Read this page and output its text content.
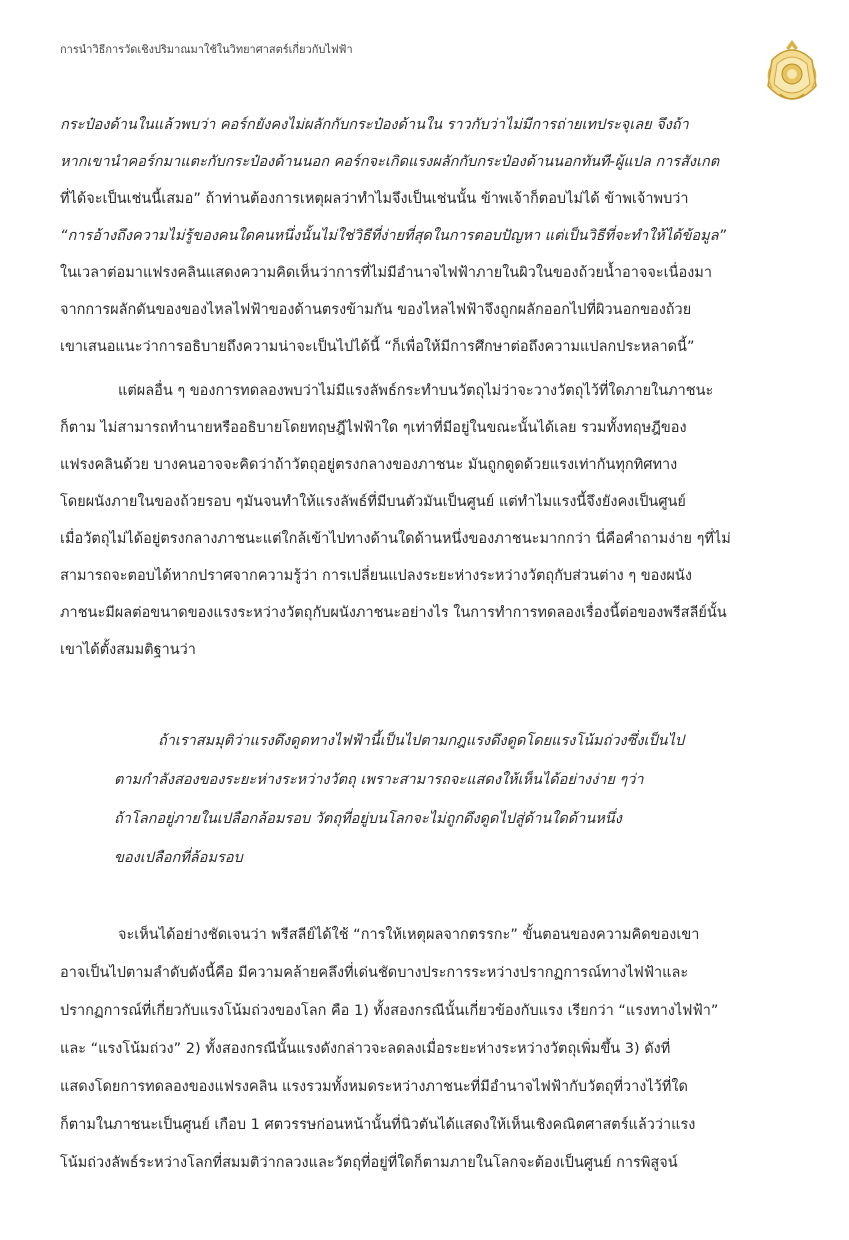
การนำวิธีการวัดเชิงปริมาณมาใช้ในวิทยาศาสตร์เกี่ยวกับไฟฟ้า
กระป๋องด้านในแล้วพบว่า คอร์กยังคงไม่ผลักกับกระป๋องด้านใน ราวกับว่าไม่มีการถ่ายเทประจุเลย จึงถ้า
หากเขานำคอร์กมาแตะกับกระป๋องด้านนอก คอร์กจะเกิดแรงผลักกับกระป๋องด้านนอกทันที-ผู้แปล การสังเกต
ที่ได้จะเป็นเช่นนี้เสมอ” ถ้าท่านต้องการเหตุผลว่าทำไมจึงเป็นเช่นนั้น ข้าพเจ้าก็ตอบไม่ได้ ข้าพเจ้าพบว่า
“การอ้างถึงความไม่รู้ของคนใดคนหนึ่งนั้นไม่ใช่วิธีที่ง่ายที่สุดในการตอบปัญหา แต่เป็นวิธีที่จะทำให้ได้ข้อมูล”
ในเวลาต่อมาแฟรงคลินแสดงความคิดเห็นว่าการที่ไม่มีอำนาจไฟฟ้าภายในผิวในของถ้วยน้ำอาจจะเนื่องมา
จากการผลักดันของของไหลไฟฟ้าของด้านตรงข้ามกัน ของไหลไฟฟ้าจึงถูกผลักออกไปที่ผิวนอกของถ้วย
เขาเสนอแนะว่าการอธิบายถึงความน่าจะเป็นไปได้นี้ “ก็เพื่อให้มีการศึกษาต่อถึงความแปลกประหลาดนี้”
แต่ผลอื่น ๆ ของการทดลองพบว่าไม่มีแรงลัพธ์กระทำบนวัตถุไม่ว่าจะวางวัตถุไว้ที่ใดภายในภาชนะ
ก็ตาม ไม่สามารถทำนายหรืออธิบายโดยทฤษฎีไฟฟ้าใด ๆเท่าที่มีอยู่ในขณะนั้นได้เลย รวมทั้งทฤษฎีของ
แฟรงคลินด้วย บางคนอาจจะคิดว่าถ้าวัตถุอยู่ตรงกลางของภาชนะ มันถูกดูดด้วยแรงเท่ากันทุกทิศทาง
โดยผนังภายในของถ้วยรอบ ๆมันจนทำให้แรงลัพธ์ที่มีบนตัวมันเป็นศูนย์ แต่ทำไมแรงนี้จึงยังคงเป็นศูนย์
เมื่อวัตถุไม่ได้อยู่ตรงกลางภาชนะแต่ใกล้เข้าไปทางด้านใดด้านหนึ่งของภาชนะมากกว่า นี่คือคำถามง่าย ๆที่ไม่
สามารถจะตอบได้หากปราศจากความรู้ว่า การเปลี่ยนแปลงระยะห่างระหว่างวัตถุกับส่วนต่าง ๆ ของผนัง
ภาชนะมีผลต่อขนาดของแรงระหว่างวัตถุกับผนังภาชนะอย่างไร ในการทำการทดลองเรื่องนี้ต่อของพรีสลีย์นั้น
เขาได้ตั้งสมมติฐานว่า
ถ้าเราสมมุติว่าแรงดึงดูดทางไฟฟ้านี้เป็นไปตามกฎแรงดึงดูดโดยแรงโน้มถ่วงซึ่งเป็นไป
ตามกำลังสองของระยะห่างระหว่างวัตถุ เพราะสามารถจะแสดงให้เห็นได้อย่างง่าย ๆว่า
ถ้าโลกอยู่ภายในเปลือกล้อมรอบ วัตถุที่อยู่บนโลกจะไม่ถูกดึงดูดไปสู่ด้านใดด้านหนึ่ง
ของเปลือกที่ล้อมรอบ
จะเห็นได้อย่างชัดเจนว่า พรีสลีย์ได้ใช้ “การให้เหตุผลจากตรรกะ” ขั้นตอนของความคิดของเขา
อาจเป็นไปตามลำดับดังนี้คือ มีความคล้ายคลึงที่เด่นชัดบางประการระหว่างปรากฏการณ์ทางไฟฟ้าและ
ปรากฏการณ์ที่เกี่ยวกับแรงโน้มถ่วงของโลก คือ 1) ทั้งสองกรณีนั้นเกี่ยวข้องกับแรง เรียกว่า “แรงทางไฟฟ้า”
และ “แรงโน้มถ่วง” 2) ทั้งสองกรณีนั้นแรงดังกล่าวจะลดลงเมื่อระยะห่างระหว่างวัตถุเพิ่มขึ้น 3) ดังที่
แสดงโดยการทดลองของแฟรงคลิน แรงรวมทั้งหมดระหว่างภาชนะที่มีอำนาจไฟฟ้ากับวัตถุที่วางไว้ที่ใด
ก็ตามในภาชนะเป็นศูนย์ เกือบ 1 ศตวรรษก่อนหน้านั้นที่นิวตันได้แสดงให้เห็นเชิงคณิตศาสตร์แล้วว่าแรง
โน้มถ่วงลัพธ์ระหว่างโลกที่สมมติว่ากลวงและวัตถุที่อยู่ที่ใดก็ตามภายในโลกจะต้องเป็นศูนย์ การพิสูจน์
